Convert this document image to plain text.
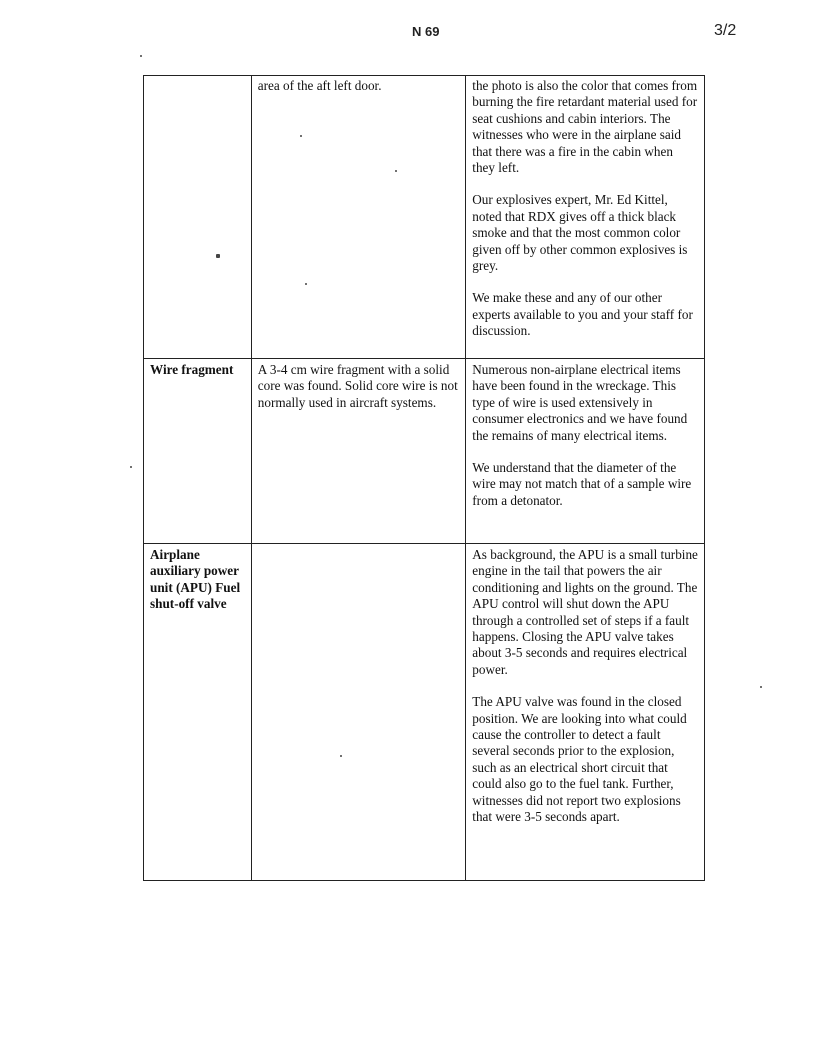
N 69	3/2
	area of the aft left door.	the photo is also the color that comes from burning the fire retardant material used for seat cushions and cabin interiors. The witnesses who were in the airplane said that there was a fire in the cabin when they left.

Our explosives expert, Mr. Ed Kittel, noted that RDX gives off a thick black smoke and that the most common color given off by other common explosives is grey.

We make these and any of our other experts available to you and your staff for discussion.

Wire fragment	A 3-4 cm wire fragment with a solid core was found. Solid core wire is not normally used in aircraft systems.	Numerous non-airplane electrical items have been found in the wreckage. This type of wire is used extensively in consumer electronics and we have found the remains of many electrical items.

We understand that the diameter of the wire may not match that of a sample wire from a detonator.

Airplane auxiliary power unit (APU) Fuel shut-off valve		As background, the APU is a small turbine engine in the tail that powers the air conditioning and lights on the ground. The APU control will shut down the APU through a controlled set of steps if a fault happens. Closing the APU valve takes about 3-5 seconds and requires electrical power.

The APU valve was found in the closed position. We are looking into what could cause the controller to detect a fault several seconds prior to the explosion, such as an electrical short circuit that could also go to the fuel tank. Further, witnesses did not report two explosions that were 3-5 seconds apart.
